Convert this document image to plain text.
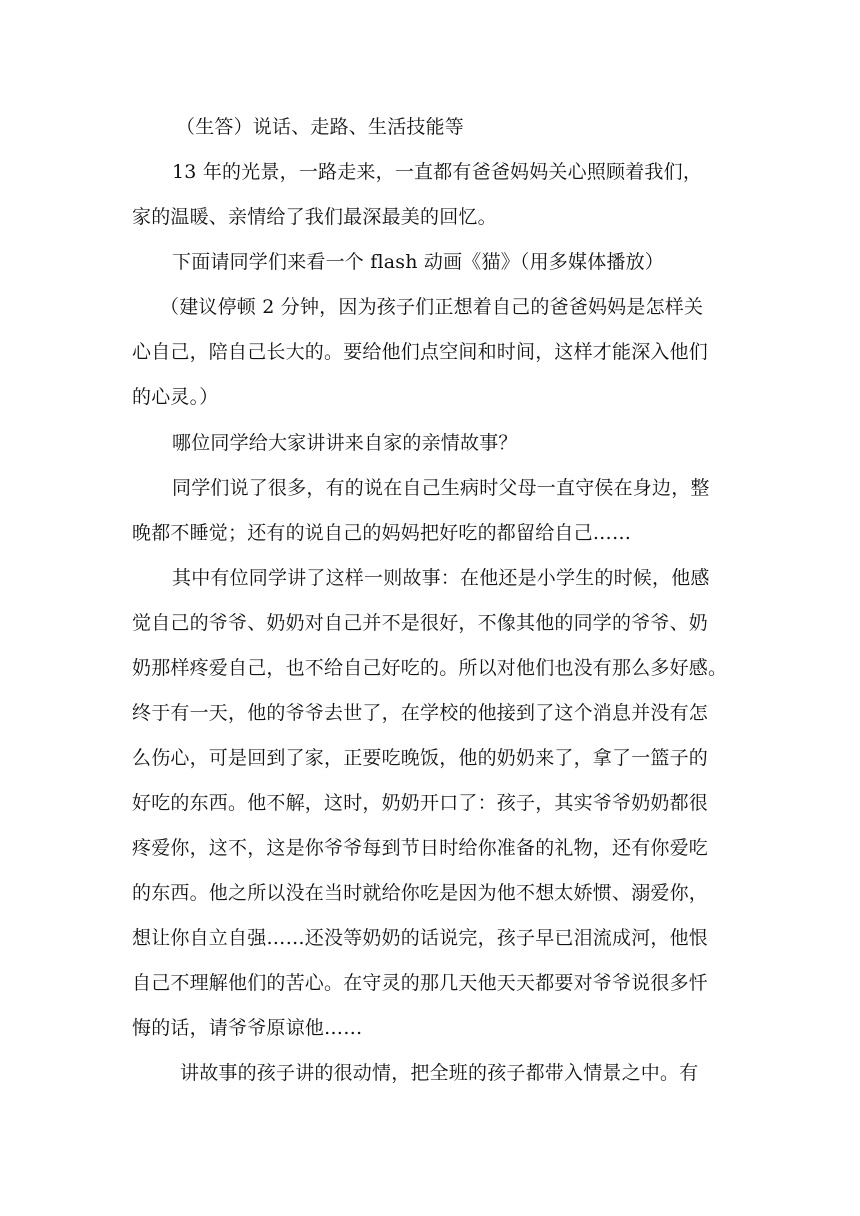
（生答）说话、走路、生活技能等
13 年的光景，一路走来，一直都有爸爸妈妈关心照顾着我们，
家的温暖、亲情给了我们最深最美的回忆。
下面请同学们来看一个 flash 动画《猫》（用多媒体播放）
（建议停顿 2 分钟，因为孩子们正想着自己的爸爸妈妈是怎样关
心自己，陪自己长大的。要给他们点空间和时间，这样才能深入他们
的心灵。）
哪位同学给大家讲讲来自家的亲情故事？
同学们说了很多，有的说在自己生病时父母一直守侯在身边，整
晚都不睡觉；还有的说自己的妈妈把好吃的都留给自己……
其中有位同学讲了这样一则故事：在他还是小学生的时候，他感
觉自己的爷爷、奶奶对自己并不是很好，不像其他的同学的爷爷、奶
奶那样疼爱自己，也不给自己好吃的。所以对他们也没有那么多好感。
终于有一天，他的爷爷去世了，在学校的他接到了这个消息并没有怎
么伤心，可是回到了家，正要吃晚饭，他的奶奶来了，拿了一篮子的
好吃的东西。他不解，这时，奶奶开口了：孩子，其实爷爷奶奶都很
疼爱你，这不，这是你爷爷每到节日时给你准备的礼物，还有你爱吃
的东西。他之所以没在当时就给你吃是因为他不想太娇惯、溺爱你，
想让你自立自强……还没等奶奶的话说完，孩子早已泪流成河，他恨
自己不理解他们的苦心。在守灵的那几天他天天都要对爷爷说很多忏
悔的话，请爷爷原谅他……
讲故事的孩子讲的很动情，把全班的孩子都带入情景之中。有
